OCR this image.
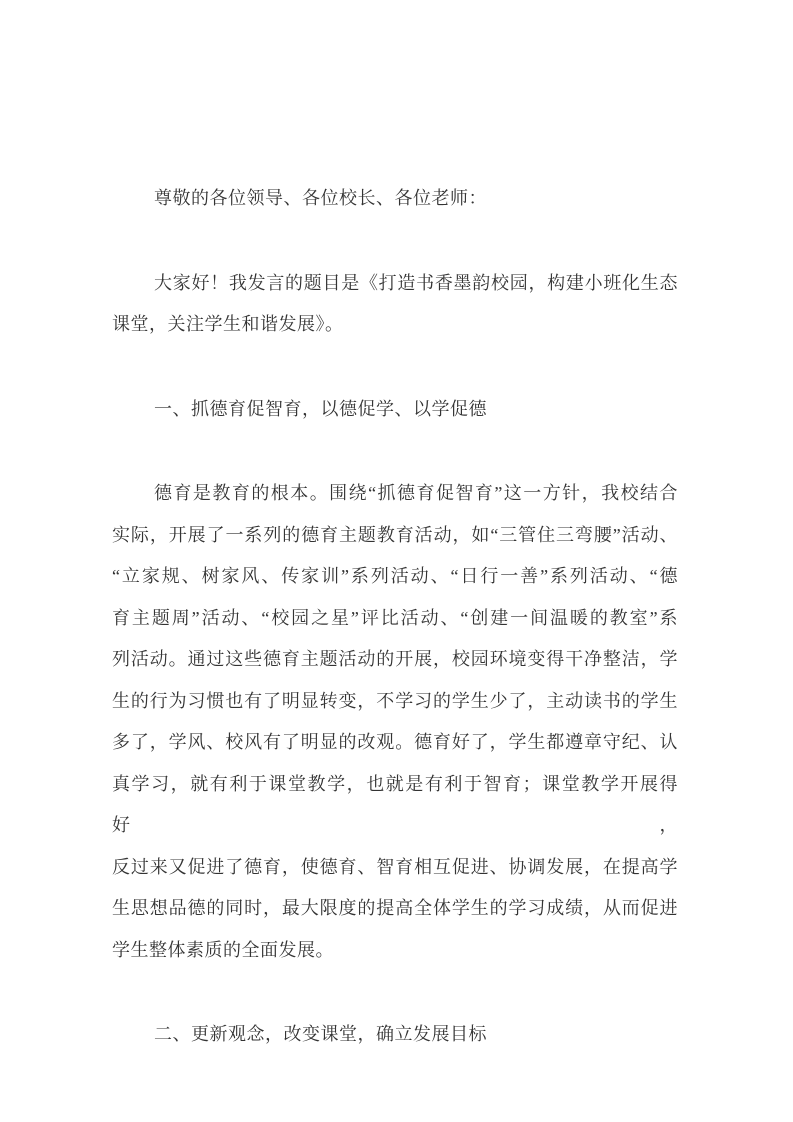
尊敬的各位领导、各位校长、各位老师：
大家好！我发言的题目是《打造书香墨韵校园，构建小班化生态
课堂，关注学生和谐发展》。
一、抓德育促智育，以德促学、以学促德
德育是教育的根本。围绕“抓德育促智育”这一方针，我校结合
实际，开展了一系列的德育主题教育活动，如“三管住三弯腰”活动、
“立家规、树家风、传家训”系列活动、“日行一善”系列活动、“德
育主题周”活动、“校园之星”评比活动、“创建一间温暖的教室”系
列活动。通过这些德育主题活动的开展，校园环境变得干净整洁，学
生的行为习惯也有了明显转变，不学习的学生少了，主动读书的学生
多了，学风、校风有了明显的改观。德育好了，学生都遵章守纪、认
真学习，就有利于课堂教学，也就是有利于智育；课堂教学开展得好，
反过来又促进了德育，使德育、智育相互促进、协调发展，在提高学
生思想品德的同时，最大限度的提高全体学生的学习成绩，从而促进
学生整体素质的全面发展。
二、更新观念，改变课堂，确立发展目标
